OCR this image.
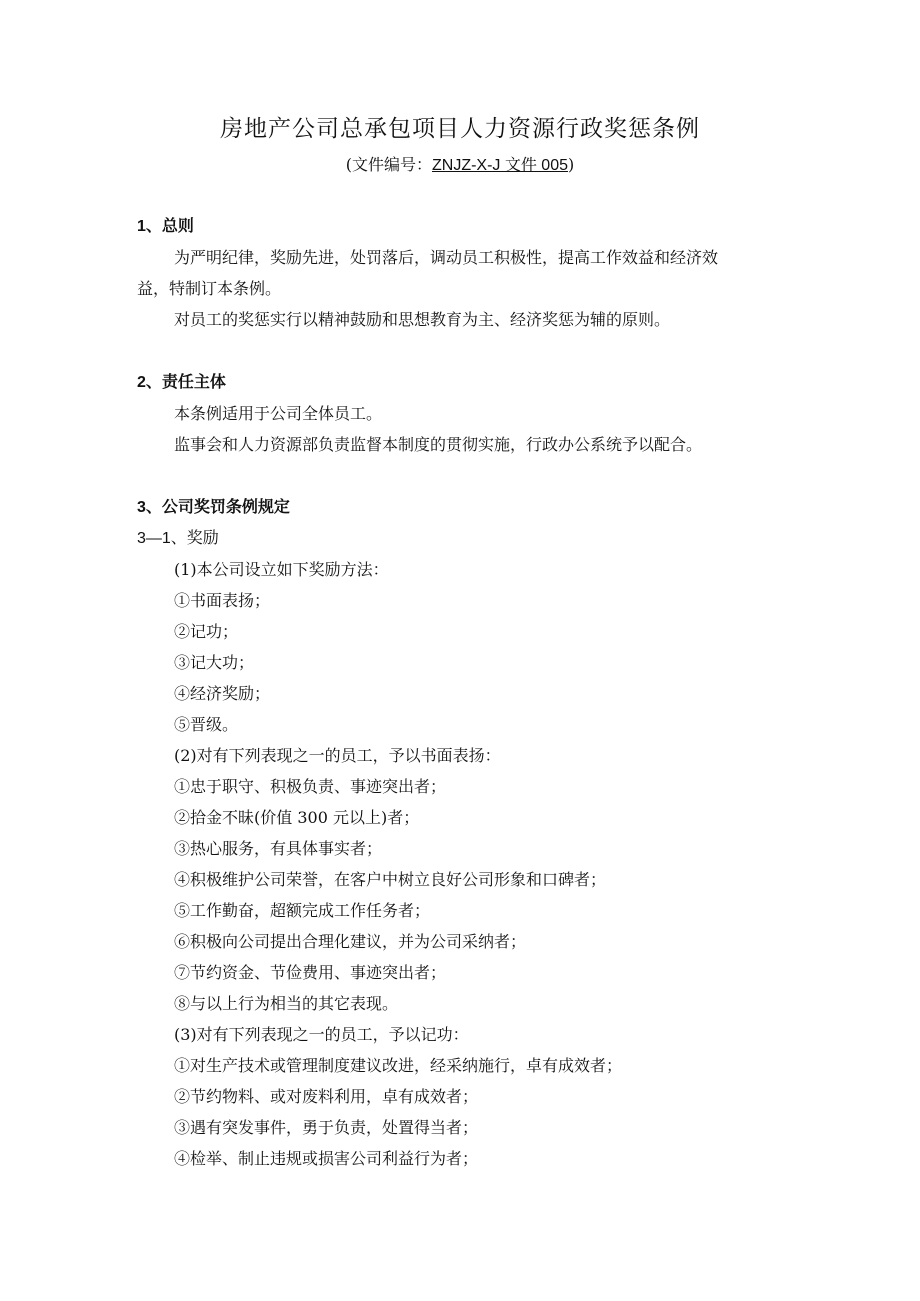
房地产公司总承包项目人力资源行政奖惩条例
(文件编号：ZNJZ-X-J 文件 005)
1、总则
为严明纪律，奖励先进，处罚落后，调动员工积极性，提高工作效益和经济效
益，特制订本条例。
对员工的奖惩实行以精神鼓励和思想教育为主、经济奖惩为辅的原则。
2、责任主体
本条例适用于公司全体员工。
监事会和人力资源部负责监督本制度的贯彻实施，行政办公系统予以配合。
3、公司奖罚条例规定
3—1、奖励
(1)本公司设立如下奖励方法：
①书面表扬；
②记功；
③记大功；
④经济奖励；
⑤晋级。
(2)对有下列表现之一的员工，予以书面表扬：
①忠于职守、积极负责、事迹突出者；
②拾金不昧(价值 300 元以上)者；
③热心服务，有具体事实者；
④积极维护公司荣誉，在客户中树立良好公司形象和口碑者；
⑤工作勤奋，超额完成工作任务者；
⑥积极向公司提出合理化建议，并为公司采纳者；
⑦节约资金、节俭费用、事迹突出者；
⑧与以上行为相当的其它表现。
(3)对有下列表现之一的员工，予以记功：
①对生产技术或管理制度建议改进，经采纳施行，卓有成效者；
②节约物料、或对废料利用，卓有成效者；
③遇有突发事件，勇于负责，处置得当者；
④检举、制止违规或损害公司利益行为者；
